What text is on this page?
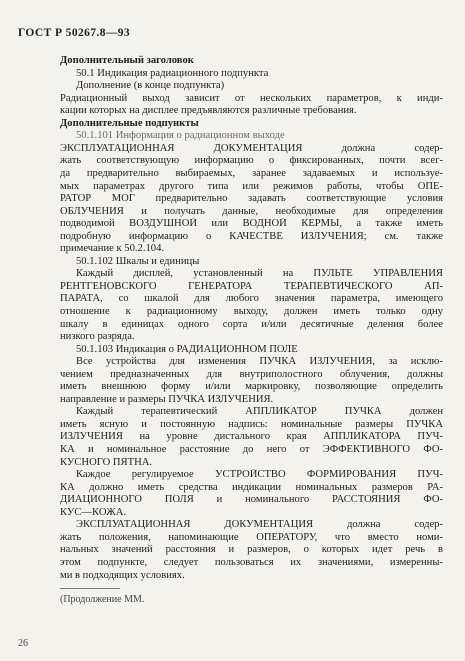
ГОСТ Р 50267.8—93
Дополнительный заголовок
50.1 Индикация радиационного подпункта
Дополнение (в конце подпункта)
Радиационный выход зависит от нескольких параметров, к инди-
кации которых на дисплее предъявляются различные требования.
Дополнительные подпункты
50.1.101 Информация о радиационном выходе
ЭКСПЛУАТАЦИОННАЯ ДОКУМЕНТАЦИЯ должна содер-
жать соответствующую информацию о фиксированных, почти всег-
да предварительно выбираемых, заранее задаваемых и используе-
мых параметрах другого типа или режимов работы, чтобы ОПЕ-
РАТОР МОГ предварительно задавать соответствующие условия
ОБЛУЧЕНИЯ и получать данные, необходимые для определения
подводимой ВОЗДУШНОЙ или ВОДНОЙ КЕРМЫ, а также иметь
подробную информацию о КАЧЕСТВЕ ИЗЛУЧЕНИЯ; см. также
примечание к 50.2.104.
50.1.102 Шкалы и единицы
Каждый дисплей, установленный на ПУЛЬТЕ УПРАВЛЕНИЯ
РЕНТГЕНОВСКОГО ГЕНЕРАТОРА ТЕРАПЕВТИЧЕСКОГО АП-
ПАРАТА, со шкалой для любого значения параметра, имеющего
отношение к радиационному выходу, должен иметь только одну
шкалу в единицах одного сорта и/или десятичные деления более
низкого разряда.
50.1.103 Индикация о РАДИАЦИОННОМ ПОЛЕ
Все устройства для изменения ПУЧКА ИЗЛУЧЕНИЯ, за исклю-
чением предназначенных для внутриполостного облучения, должны
иметь внешнюю форму и/или маркировку, позволяющие определить
направление и размеры ПУЧКА ИЗЛУЧЕНИЯ.
Каждый терапевтический АППЛИКАТОР ПУЧКА должен
иметь ясную и постоянную надпись: номинальные размеры ПУЧКА
ИЗЛУЧЕНИЯ на уровне дистального края АППЛИКАТОРА ПУЧ-
КА и номинальное расстояние до него от ЭФФЕКТИВНОГО ФО-
КУСНОГО ПЯТНА.
Каждое регулируемое УСТРОЙСТВО ФОРМИРОВАНИЯ ПУЧ-
КА должно иметь средства индикации номинальных размеров РА-
ДИАЦИОННОГО ПОЛЯ и номинального РАССТОЯНИЯ ФО-
КУС—КОЖА.
ЭКСПЛУАТАЦИОННАЯ ДОКУМЕНТАЦИЯ должна содер-
жать положения, напоминающие ОПЕРАТОРУ, что вместо номи-
нальных значений расстояния и размеров, о которых идет речь в
этом подпункте, следует пользоваться их значениями, измеренны-
ми в подходящих условиях.
(Продолжение ММ.
26
